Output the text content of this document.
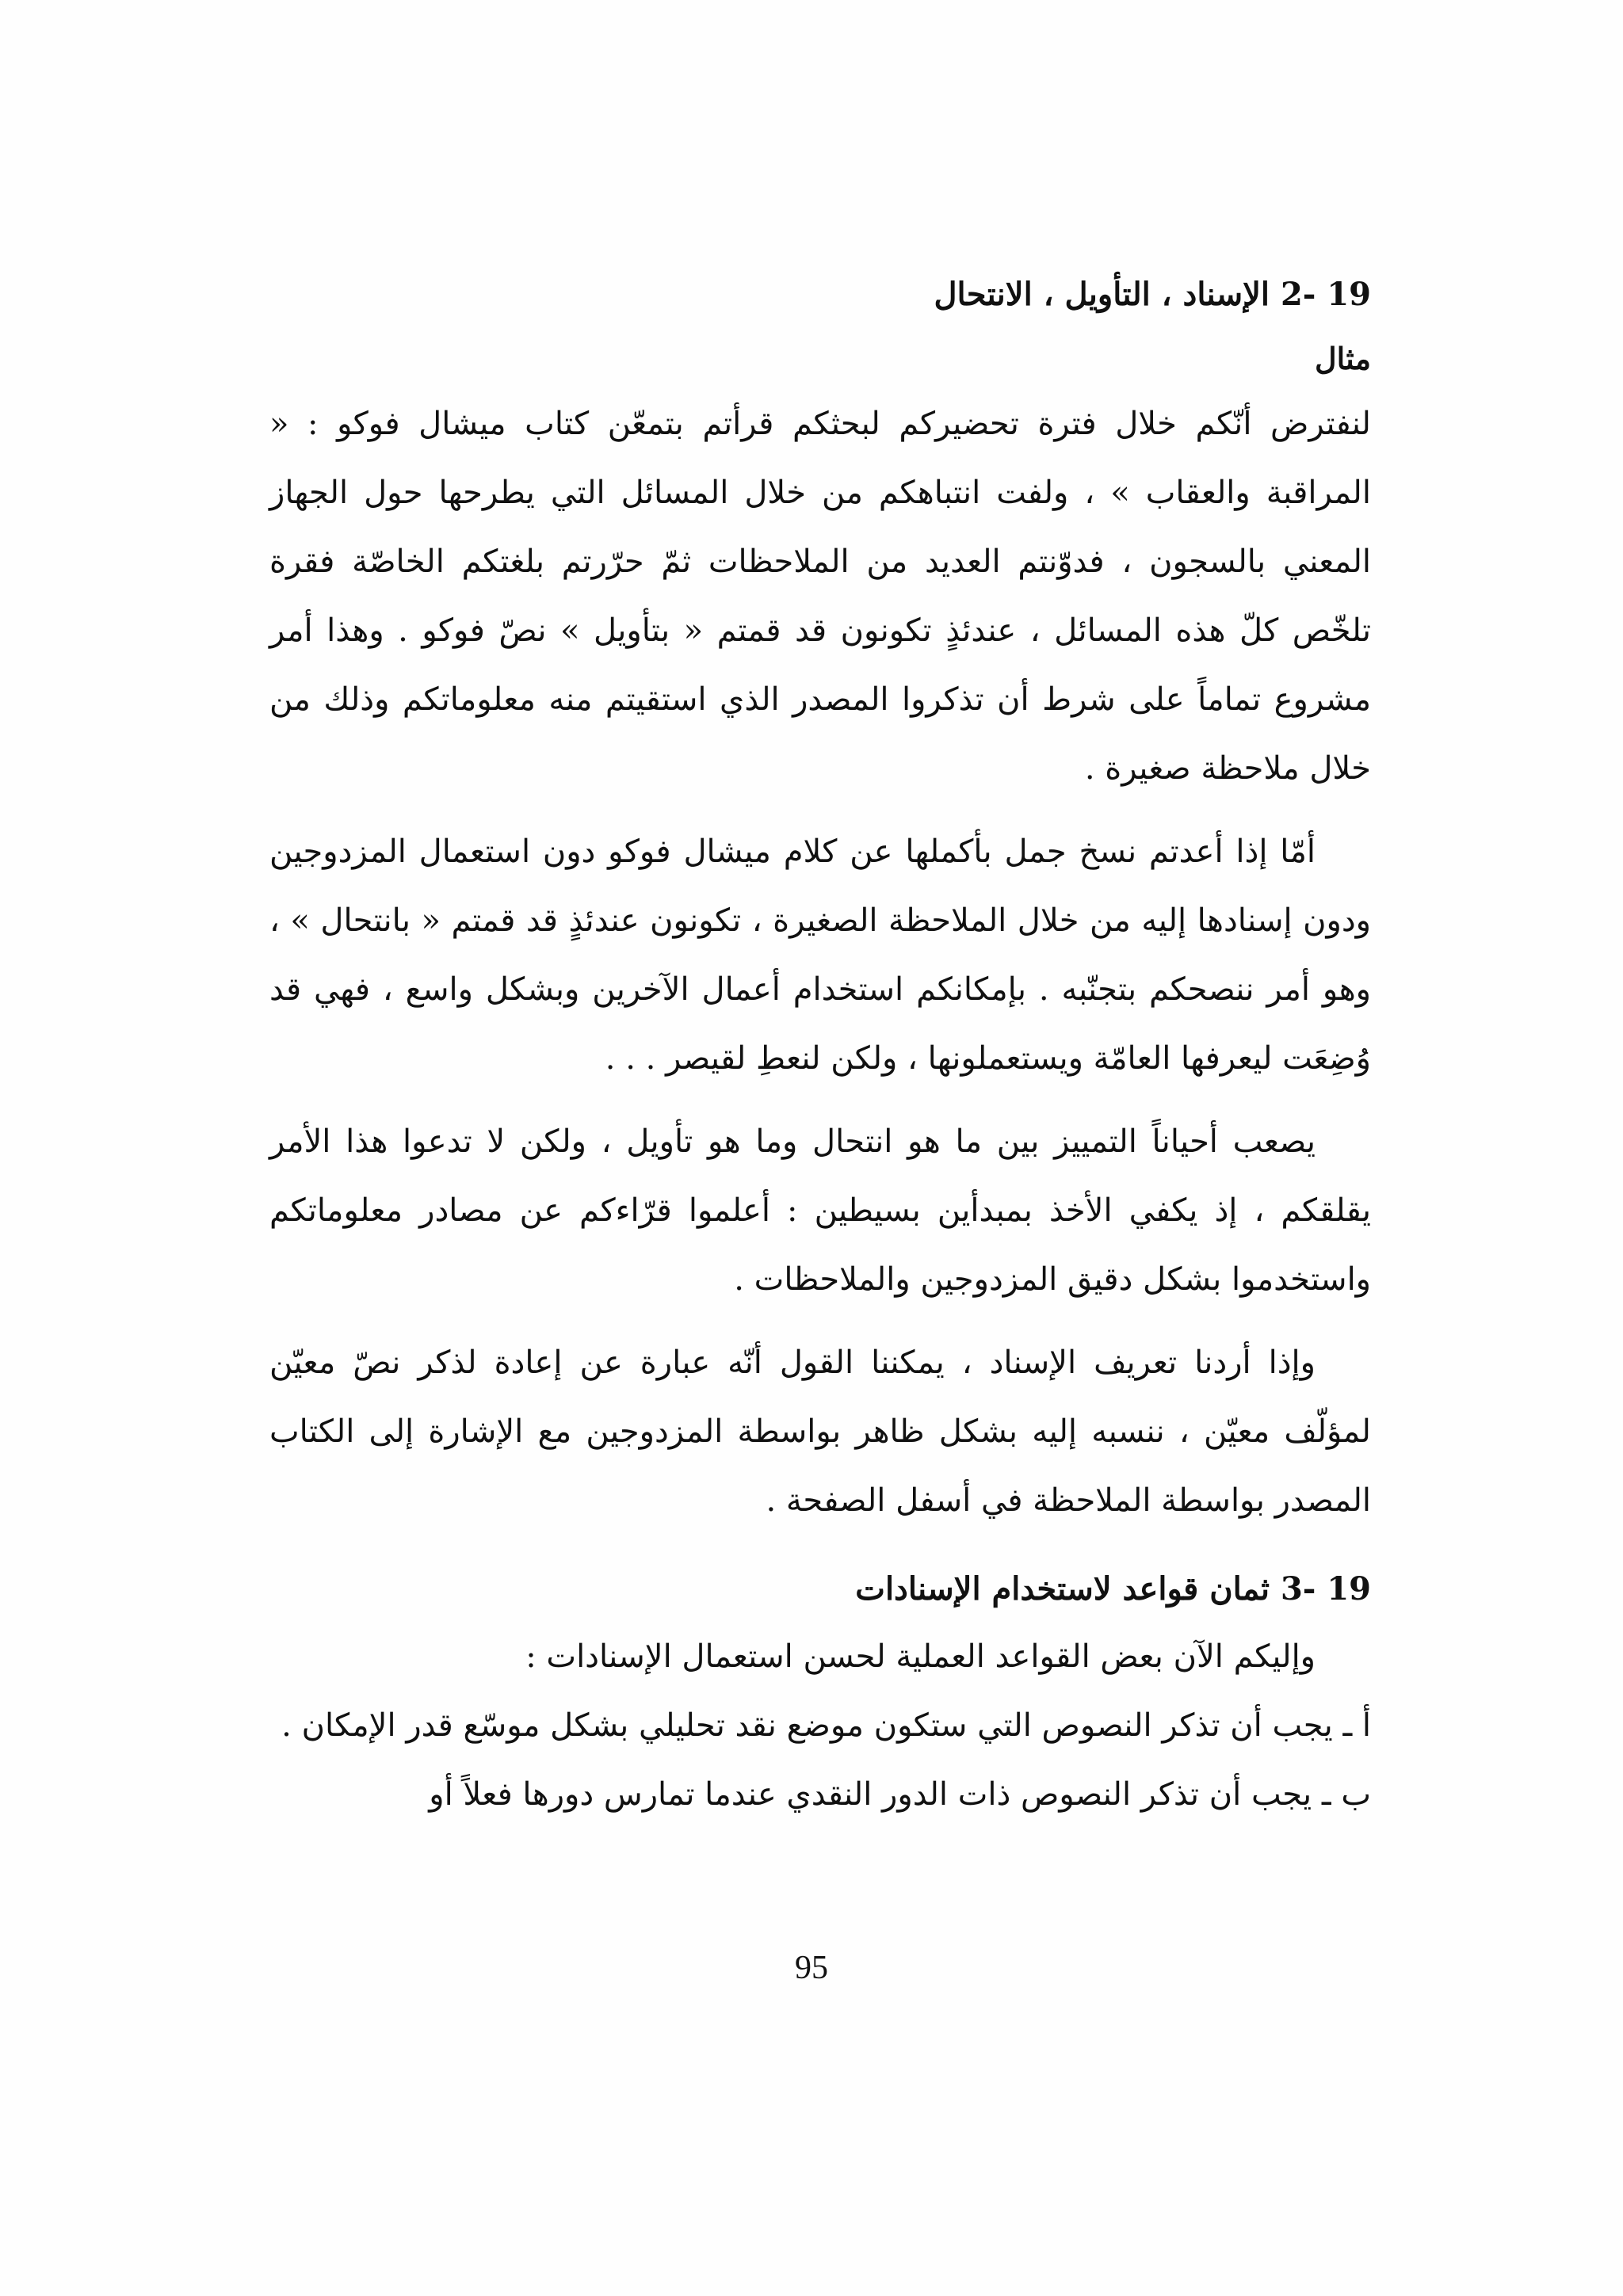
19 -2 الإسناد ، التأويل ، الانتحال
مثال

لنفترض أنّكم خلال فترة تحضيركم لبحثكم قرأتم بتمعّن كتاب ميشال فوكو : « المراقبة والعقاب » ، ولفت انتباهكم من خلال المسائل التي يطرحها حول الجهاز المعني بالسجون ، فدوّنتم العديد من الملاحظات ثمّ حرّرتم بلغتكم الخاصّة فقرة تلخّص كلّ هذه المسائل ، عندئذٍ تكونون قد قمتم « بتأويل » نصّ فوكو . وهذا أمر مشروع تماماً على شرط أن تذكروا المصدر الذي استقيتم منه معلوماتكم وذلك من خلال ملاحظة صغيرة .

أمّا إذا أعدتم نسخ جمل بأكملها عن كلام ميشال فوكو دون استعمال المزدوجين ودون إسنادها إليه من خلال الملاحظة الصغيرة ، تكونون عندئذٍ قد قمتم « بانتحال » ، وهو أمر ننصحكم بتجنّبه . بإمكانكم استخدام أعمال الآخرين وبشكل واسع ، فهي قد وُضِعَت ليعرفها العامّة ويستعملونها ، ولكن لنعطِ لقيصر . . .

يصعب أحياناً التمييز بين ما هو انتحال وما هو تأويل ، ولكن لا تدعوا هذا الأمر يقلقكم ، إذ يكفي الأخذ بمبدأين بسيطين : أعلموا قرّاءكم عن مصادر معلوماتكم واستخدموا بشكل دقيق المزدوجين والملاحظات .

وإذا أردنا تعريف الإسناد ، يمكننا القول أنّه عبارة عن إعادة لذكر نصّ معيّن لمؤلّف معيّن ، ننسبه إليه بشكل ظاهر بواسطة المزدوجين مع الإشارة إلى الكتاب المصدر بواسطة الملاحظة في أسفل الصفحة .

19 -3 ثمان قواعد لاستخدام الإسنادات

وإليكم الآن بعض القواعد العملية لحسن استعمال الإسنادات :

أ ـ يجب أن تذكر النصوص التي ستكون موضع نقد تحليلي بشكل موسّع قدر الإمكان .

ب ـ يجب أن تذكر النصوص ذات الدور النقدي عندما تمارس دورها فعلاً أو

95
